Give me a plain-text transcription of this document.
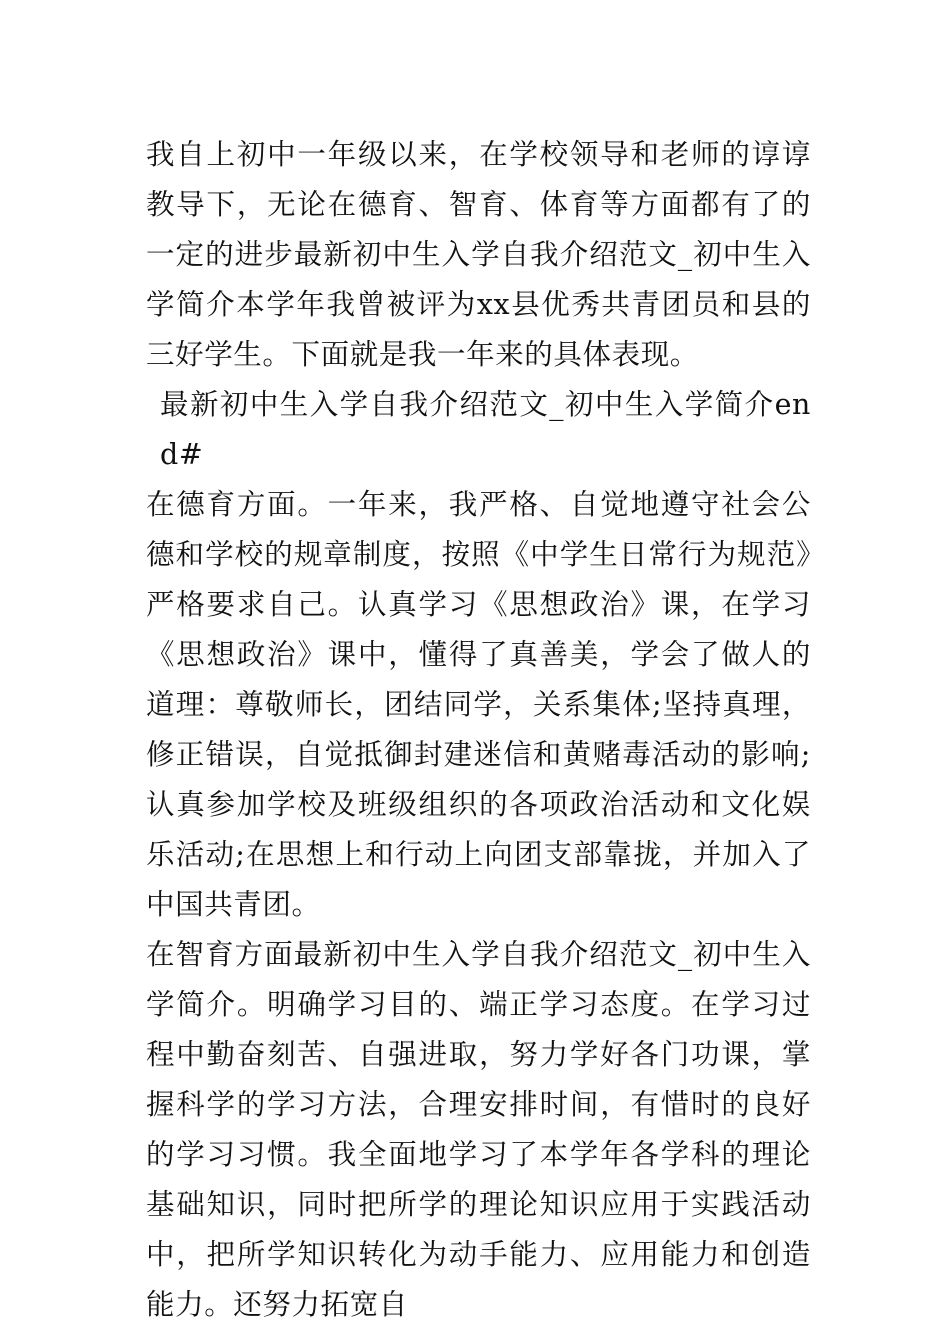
我自上初中一年级以来，在学校领导和老师的谆谆教导下，无论在德育、智育、体育等方面都有了的一定的进步最新初中生入学自我介绍范文_初中生入学简介本学年我曾被评为xx县优秀共青团员和县的三好学生。下面就是我一年来的具体表现。

最新初中生入学自我介绍范文_初中生入学简介end#

在德育方面。一年来，我严格、自觉地遵守社会公德和学校的规章制度，按照《中学生日常行为规范》严格要求自己。认真学习《思想政治》课，在学习《思想政治》课中，懂得了真善美，学会了做人的道理：尊敬师长，团结同学，关系集体;坚持真理，修正错误，自觉抵御封建迷信和黄赌毒活动的影响;认真参加学校及班级组织的各项政治活动和文化娱乐活动;在思想上和行动上向团支部靠拢，并加入了中国共青团。

在智育方面最新初中生入学自我介绍范文_初中生入学简介。明确学习目的、端正学习态度。在学习过程中勤奋刻苦、自强进取，努力学好各门功课，掌握科学的学习方法，合理安排时间，有惜时的良好的学习习惯。我全面地学习了本学年各学科的理论基础知识，同时把所学的理论知识应用于实践活动中，把所学知识转化为动手能力、应用能力和创造能力。还努力拓宽自
